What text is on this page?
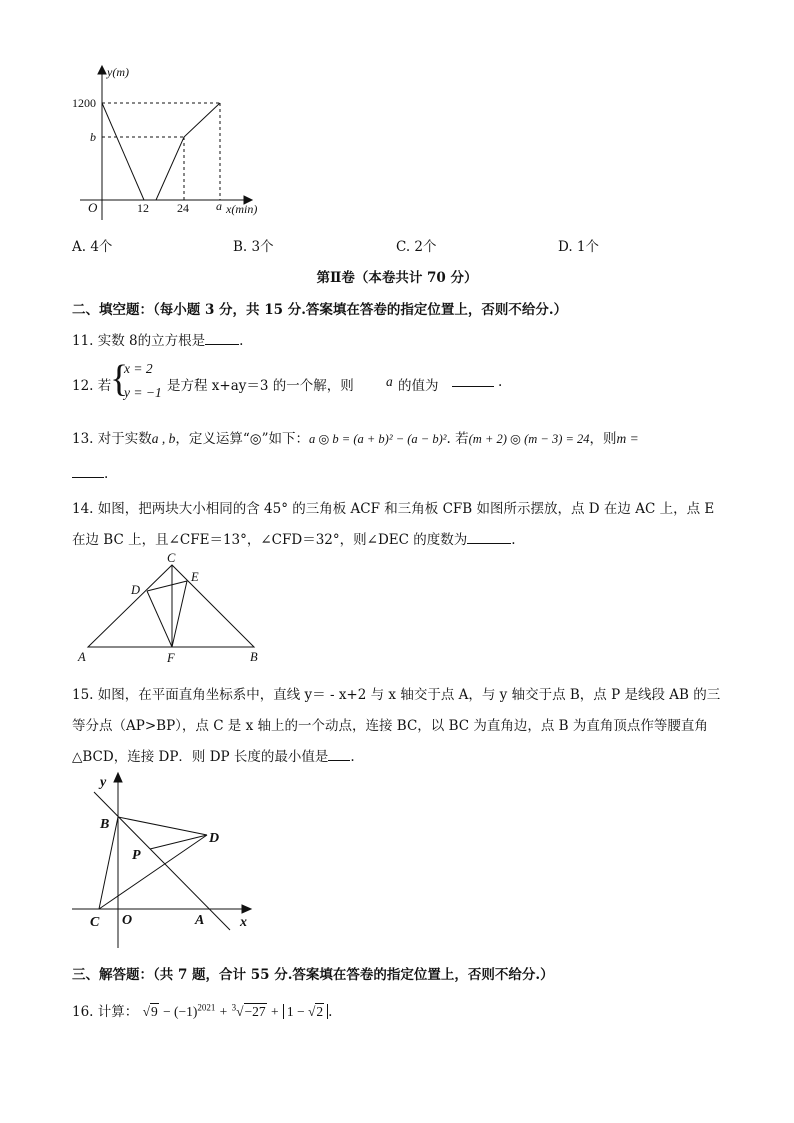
y(m)
1200
b
O	12 24 a x(min)
A. 4个	B. 3个	C. 2个	D. 1个
第Ⅱ卷（本卷共计 70 分）
二、填空题：（每小题 3 分，共 15 分.答案填在答卷的指定位置上，否则不给分.）
11. 实数 8的立方根是	.
12. 若
{
x = 2
y = −1 是方程 x+ay＝3 的一个解，则 a 的值为	.
13. 对于实数a , b，定义运算“◎”如下：a ◎ b = (a + b)² − (a − b)². 若(m + 2) ◎ (m − 3) = 24，则m =
.
14. 如图，把两块大小相同的含 45° 的三角板 ACF 和三角板 CFB 如图所示摆放，点 D 在边 AC 上，点 E
在边 BC 上，且∠CFE＝13°，∠CFD＝32°，则∠DEC 的度数为	.
C
D
E
A	F	B
15. 如图，在平面直角坐标系中，直线 y＝ - x+2 与 x 轴交于点 A，与 y 轴交于点 B，点 P 是线段 AB 的三
等分点（AP>BP），点 C 是 x 轴上的一个动点，连接 BC，以 BC 为直角边，点 B 为直角顶点作等腰直角
△BCD，连接 DP．则 DP 长度的最小值是 .
y
x
B
D
P
C O	A
三、解答题：（共 7 题，合计 55 分.答案填在答卷的指定位置上，否则不给分.）
16. 计算： $√9 - (-1)^{2021} + ^3√-27 + 1 - √2$ .
